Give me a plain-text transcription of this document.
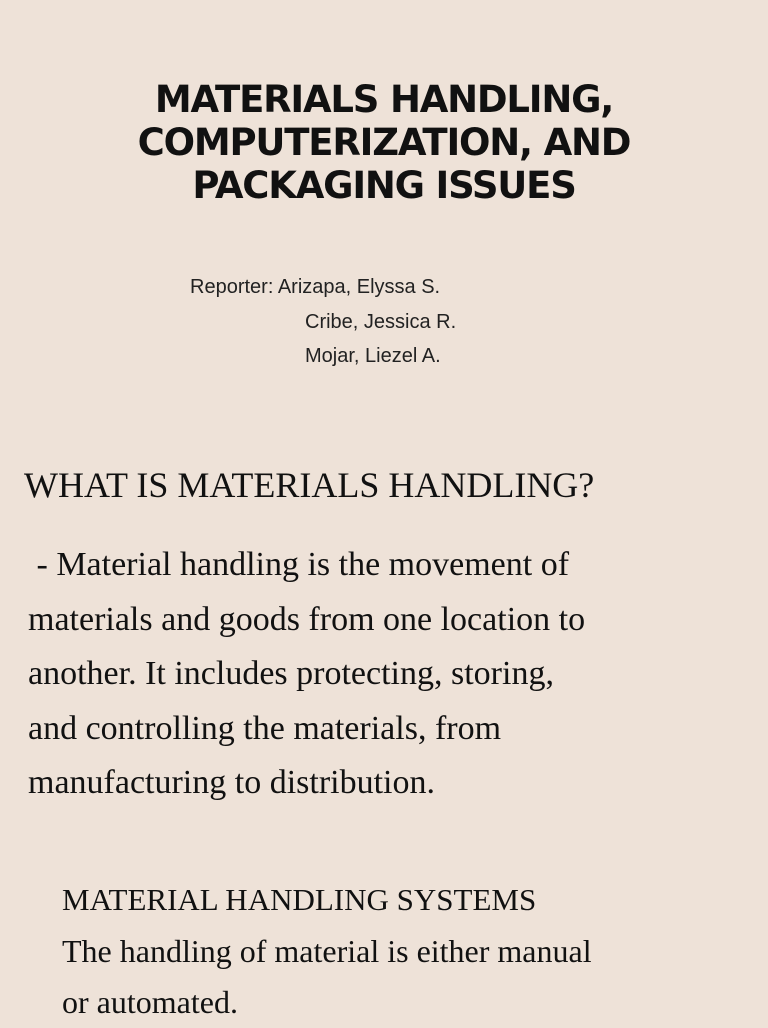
MATERIALS HANDLING,
COMPUTERIZATION, AND
PACKAGING ISSUES
Reporter: Arizapa, Elyssa S.
Cribe, Jessica R.
Mojar, Liezel A.
WHAT IS MATERIALS HANDLING?

- Material handling is the movement of
materials and goods from one location to
another. It includes protecting, storing,
and controlling the materials, from
manufacturing to distribution.

MATERIAL HANDLING SYSTEMS

The handling of material is either manual
or automated.
